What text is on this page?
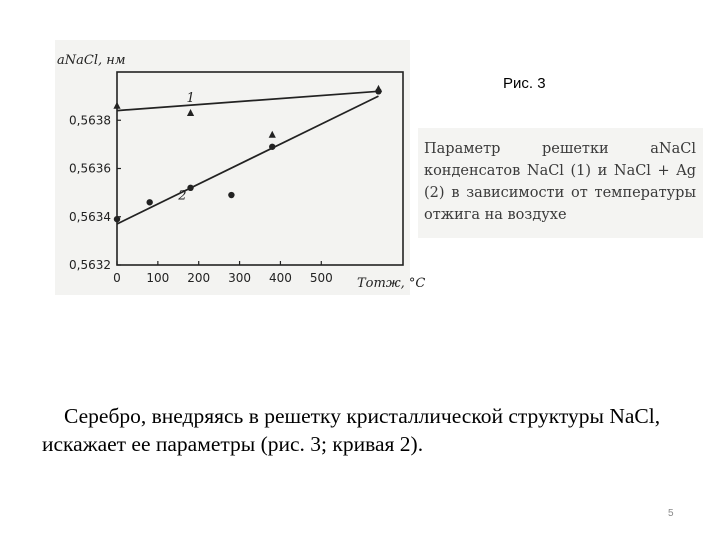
0 100 200 300 400 500
0,5632
0,5634
0,5636
0,5638
1
2
aNaCl, нм
Tотж, °C
Рис. 3
Параметр решетки aNaCl конденсатов NaCl (1) и NaCl + Ag (2) в зависимости от температуры отжига на воздухе
Серебро, внедряясь в решетку кристаллической структуры NaCl, искажает ее параметры (рис. 3; кривая 2).
5
